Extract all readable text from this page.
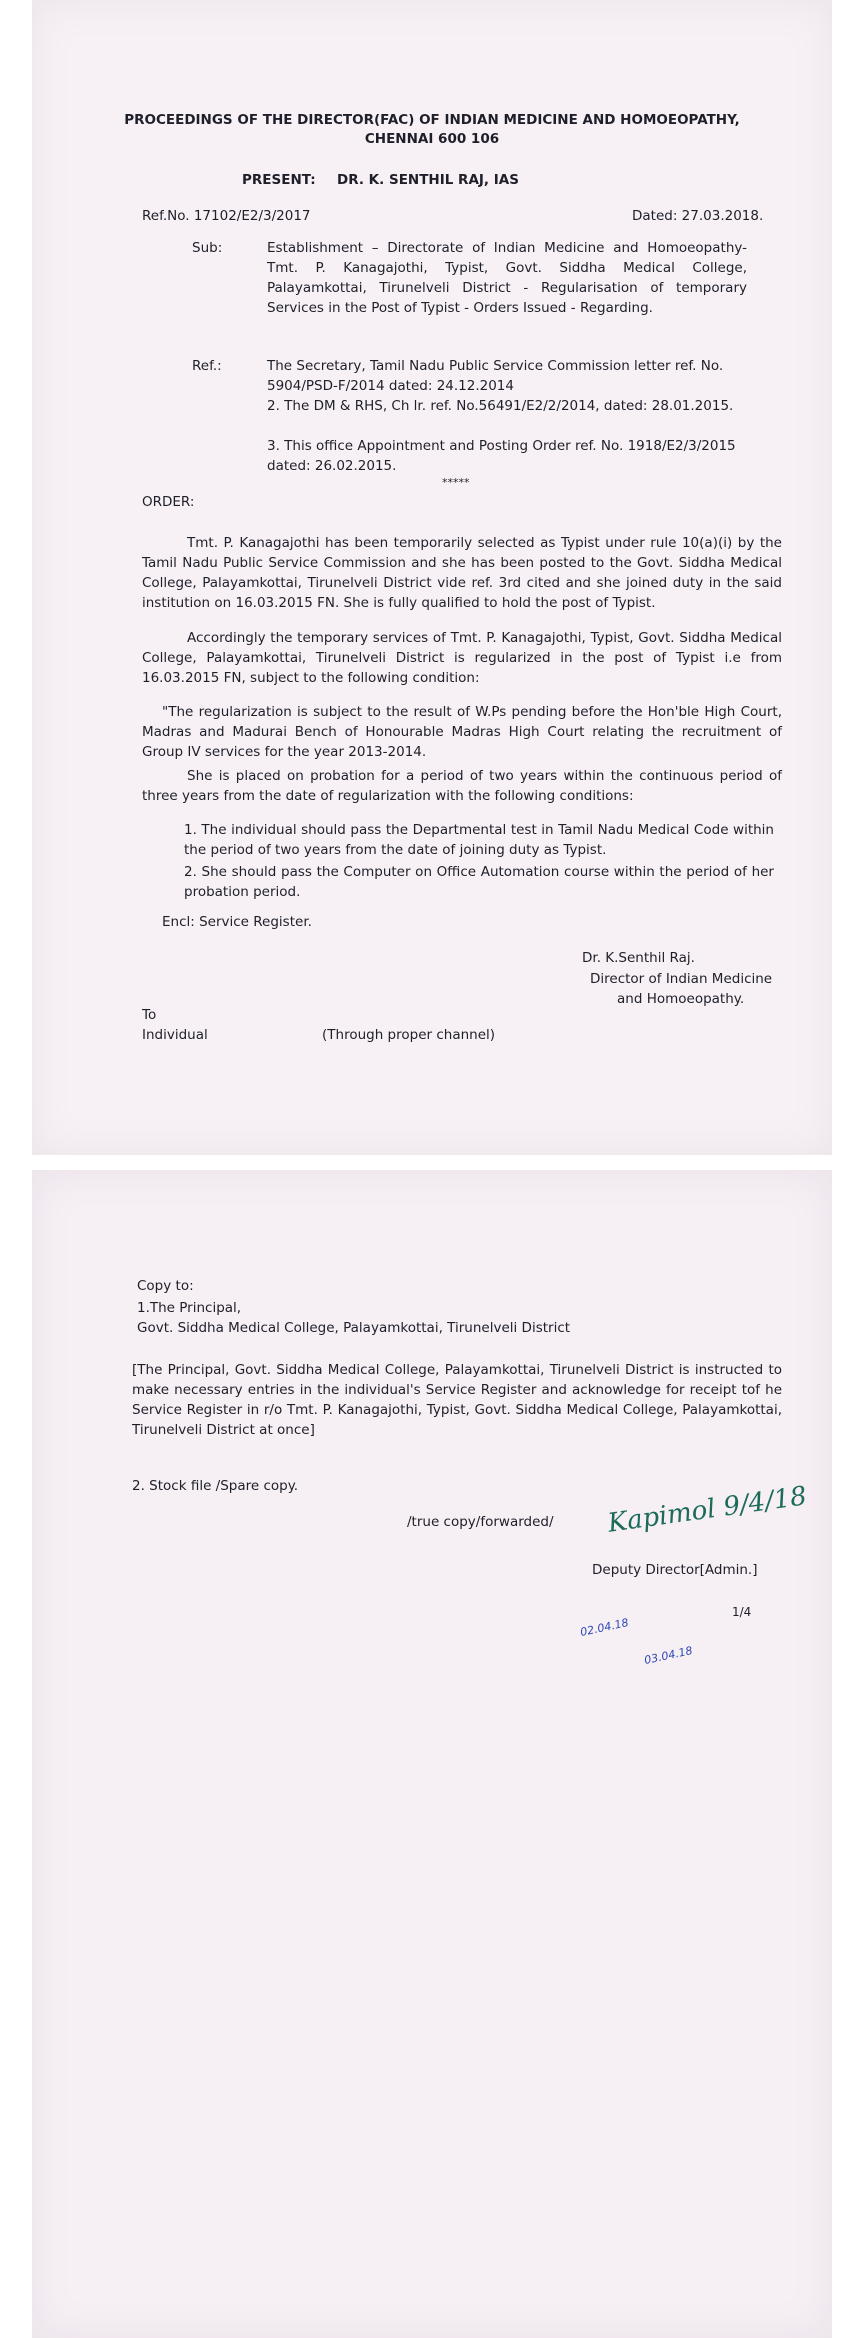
PROCEEDINGS OF THE DIRECTOR(FAC) OF INDIAN MEDICINE AND HOMOEOPATHY,
CHENNAI 600 106
PRESENT: DR. K. SENTHIL RAJ, IAS
Ref.No. 17102/E2/3/2017	Dated: 27.03.2018.
Sub:	Establishment – Directorate of Indian Medicine and Homoeopathy- Tmt. P. Kanagajothi, Typist, Govt. Siddha Medical College, Palayamkottai, Tirunelveli District - Regularisation of temporary Services in the Post of Typist - Orders Issued - Regarding.
Ref.:	The Secretary, Tamil Nadu Public Service Commission letter ref. No. 5904/PSD-F/2014 dated: 24.12.2014
2. The DM & RHS, Ch lr. ref. No.56491/E2/2/2014, dated: 28.01.2015.
3. This office Appointment and Posting Order ref. No. 1918/E2/3/2015 dated: 26.02.2015.
*****
ORDER:
Tmt. P. Kanagajothi has been temporarily selected as Typist under rule 10(a)(i) by the Tamil Nadu Public Service Commission and she has been posted to the Govt. Siddha Medical College, Palayamkottai, Tirunelveli District vide ref. 3rd cited and she joined duty in the said institution on 16.03.2015 FN. She is fully qualified to hold the post of Typist.
Accordingly the temporary services of Tmt. P. Kanagajothi, Typist, Govt. Siddha Medical College, Palayamkottai, Tirunelveli District is regularized in the post of Typist i.e from 16.03.2015 FN, subject to the following condition:
"The regularization is subject to the result of W.Ps pending before the Hon'ble High Court, Madras and Madurai Bench of Honourable Madras High Court relating the recruitment of Group IV services for the year 2013-2014.
She is placed on probation for a period of two years within the continuous period of three years from the date of regularization with the following conditions:
1. The individual should pass the Departmental test in Tamil Nadu Medical Code within the period of two years from the date of joining duty as Typist.
2. She should pass the Computer on Office Automation course within the period of her probation period.
Encl: Service Register.
Dr. K.Senthil Raj.
Director of Indian Medicine
and Homoeopathy.
To
Individual	(Through proper channel)
Copy to:
1.The Principal,
Govt. Siddha Medical College, Palayamkottai, Tirunelveli District
[The Principal, Govt. Siddha Medical College, Palayamkottai, Tirunelveli District is instructed to make necessary entries in the individual's Service Register and acknowledge for receipt tof he Service Register in r/o Tmt. P. Kanagajothi, Typist, Govt. Siddha Medical College, Palayamkottai, Tirunelveli District at once]
2. Stock file /Spare copy.
/true copy/forwarded/ Kapimol 9/4/18
Deputy Director[Admin.]
02.04.18
03.04.18
1/4
